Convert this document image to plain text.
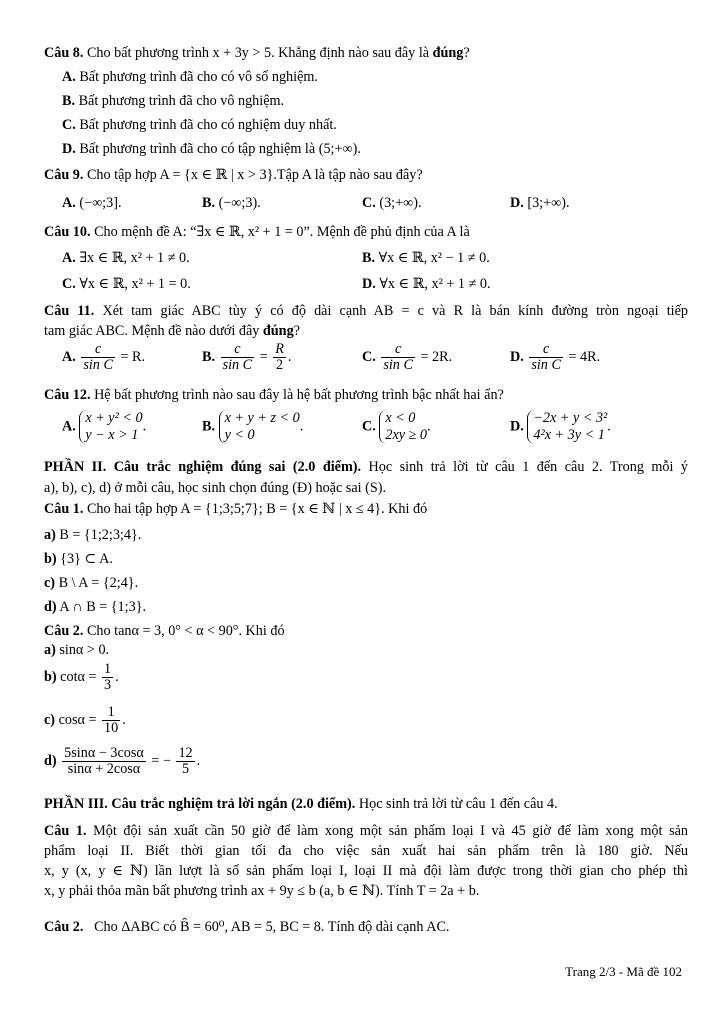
Câu 8. Cho bất phương trình x + 3y > 5. Khẳng định nào sau đây là đúng?
A. Bất phương trình đã cho có vô số nghiệm.
B. Bất phương trình đã cho vô nghiệm.
C. Bất phương trình đã cho có nghiệm duy nhất.
D. Bất phương trình đã cho có tập nghiệm là (5;+∞).
Câu 9. Cho tập hợp A = {x ∈ ℝ | x > 3}.Tập A là tập nào sau đây?
A. (−∞;3].	B. (−∞;3).	C. (3;+∞).	D. [3;+∞).
Câu 10. Cho mệnh đề A: “∃x ∈ ℝ, x² + 1 = 0”. Mệnh đề phủ định của A là
A. ∃x ∈ ℝ, x² + 1 ≠ 0.	B. ∀x ∈ ℝ, x² − 1 ≠ 0.
C. ∀x ∈ ℝ, x² + 1 = 0.	D. ∀x ∈ ℝ, x² + 1 ≠ 0.
Câu 11. Xét tam giác ABC tùy ý có độ dài cạnh AB = c và R là bán kính đường tròn ngoại tiếp
tam giác ABC. Mệnh đề nào dưới đây đúng?
A. $\frac{c}{\text{sin C}} = R$.	B. $\frac{c}{\text{sin C}} = \frac{R}{2}$ .	C. $\frac{c}{\text{sin C}} = 2R$.	D. $\frac{c}{\text{sin C}} = 4R$.
Câu 12. Hệ bất phương trình nào sau đây là hệ bất phương trình bậc nhất hai ẩn?
A. x + y² < 0
y − x > 1.	B. x + y + z < 0
y < 0.	C. x < 0
2xy ≥ 0.	D. −2x + y < 3²
4²x + 3y < 1.
PHẦN II. Câu trắc nghiệm đúng sai (2.0 điểm). Học sinh trả lời từ câu 1 đến câu 2. Trong mỗi ý
a), b), c), d) ở mỗi câu, học sinh chọn đúng (Đ) hoặc sai (S).
Câu 1. Cho hai tập hợp A = {1;3;5;7}; B = {x ∈ ℕ | x ≤ 4}. Khi đó
a) B = {1;2;3;4}.
b) {3} ⊂ A.
c) B \ A = {2;4}.
d) A ∩ B = {1;3}.
Câu 2. Cho tanα = 3, 0° < α < 90°. Khi đó
a) sinα > 0.
b) $\cot\alpha = \frac{1}{3}$ .
c) $\cos\alpha = \frac{1}{10}$ .
$d) \frac{5\sin\alpha - 3\cos\alpha}{\sin\alpha + 2\cos\alpha}$ = − $\frac{12}{5}$ .
PHẦN III. Câu trắc nghiệm trả lời ngắn (2.0 điểm). Học sinh trả lời từ câu 1 đến câu 4.
Câu 1. Một đội sản xuất cần 50 giờ để làm xong một sản phẩm loại I và 45 giờ để làm xong một sản
phẩm loại II. Biết thời gian tối đa cho việc sản xuất hai sản phẩm trên là 180 giờ. Nếu
x, y (x, y ∈ ℕ) lần lượt là số sản phẩm loại I, loại II mà đội làm được trong thời gian cho phép thì
x, y phải thỏa mãn bất phương trình ax + 9y ≤ b (a, b ∈ ℕ). Tính T = 2a + b.
Câu 2. Cho ΔABC có B̂ = 60⁰, AB = 5, BC = 8. Tính độ dài cạnh AC.
Trang 2/3 - Mã đề 102
